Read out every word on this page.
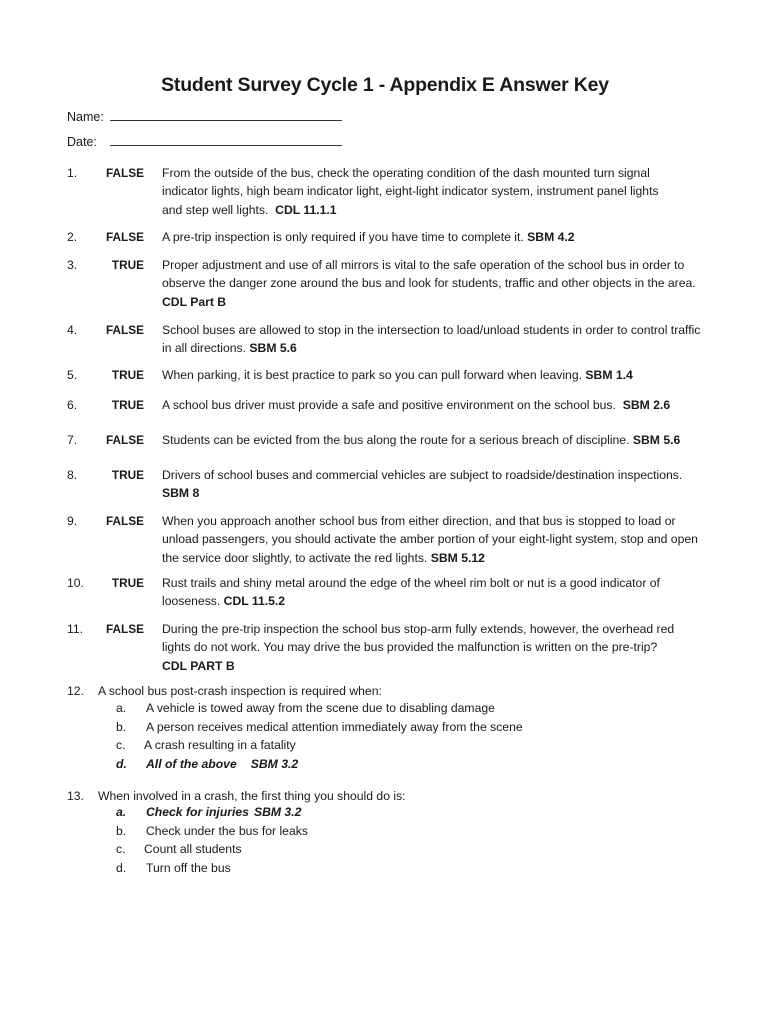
Student Survey Cycle 1 - Appendix E Answer Key
Name:
Date:
1.	FALSE From the outside of the bus, check the operating condition of the dash mounted turn signal indicator lights, high beam indicator light, eight-light indicator system, instrument panel lights and step well lights. CDL 11.1.1
2.	FALSE A pre-trip inspection is only required if you have time to complete it. SBM 4.2
3.	TRUE Proper adjustment and use of all mirrors is vital to the safe operation of the school bus in order to observe the danger zone around the bus and look for students, traffic and other objects in the area. CDL Part B
4.	FALSE School buses are allowed to stop in the intersection to load/unload students in order to control traffic in all directions. SBM 5.6
5.	TRUE When parking, it is best practice to park so you can pull forward when leaving. SBM 1.4
6.	TRUE A school bus driver must provide a safe and positive environment on the school bus. SBM 2.6
7.	FALSE Students can be evicted from the bus along the route for a serious breach of discipline. SBM 5.6
8.	TRUE Drivers of school buses and commercial vehicles are subject to roadside/destination inspections.
SBM 8
9.	FALSE When you approach another school bus from either direction, and that bus is stopped to load or unload passengers, you should activate the amber portion of your eight-light system, stop and open the service door slightly, to activate the red lights. SBM 5.12
10.	TRUE Rust trails and shiny metal around the edge of the wheel rim bolt or nut is a good indicator of looseness. CDL 11.5.2
11.	FALSE During the pre-trip inspection the school bus stop-arm fully extends, however, the overhead red lights do not work. You may drive the bus provided the malfunction is written on the pre-trip?
CDL PART B
12. A school bus post-crash inspection is required when:
a. A vehicle is towed away from the scene due to disabling damage
b. A person receives medical attention immediately away from the scene
c. A crash resulting in a fatality
d. All of the above SBM 3.2
13. When involved in a crash, the first thing you should do is:
a. Check for injuries SBM 3.2
b. Check under the bus for leaks
c. Count all students
d. Turn off the bus
